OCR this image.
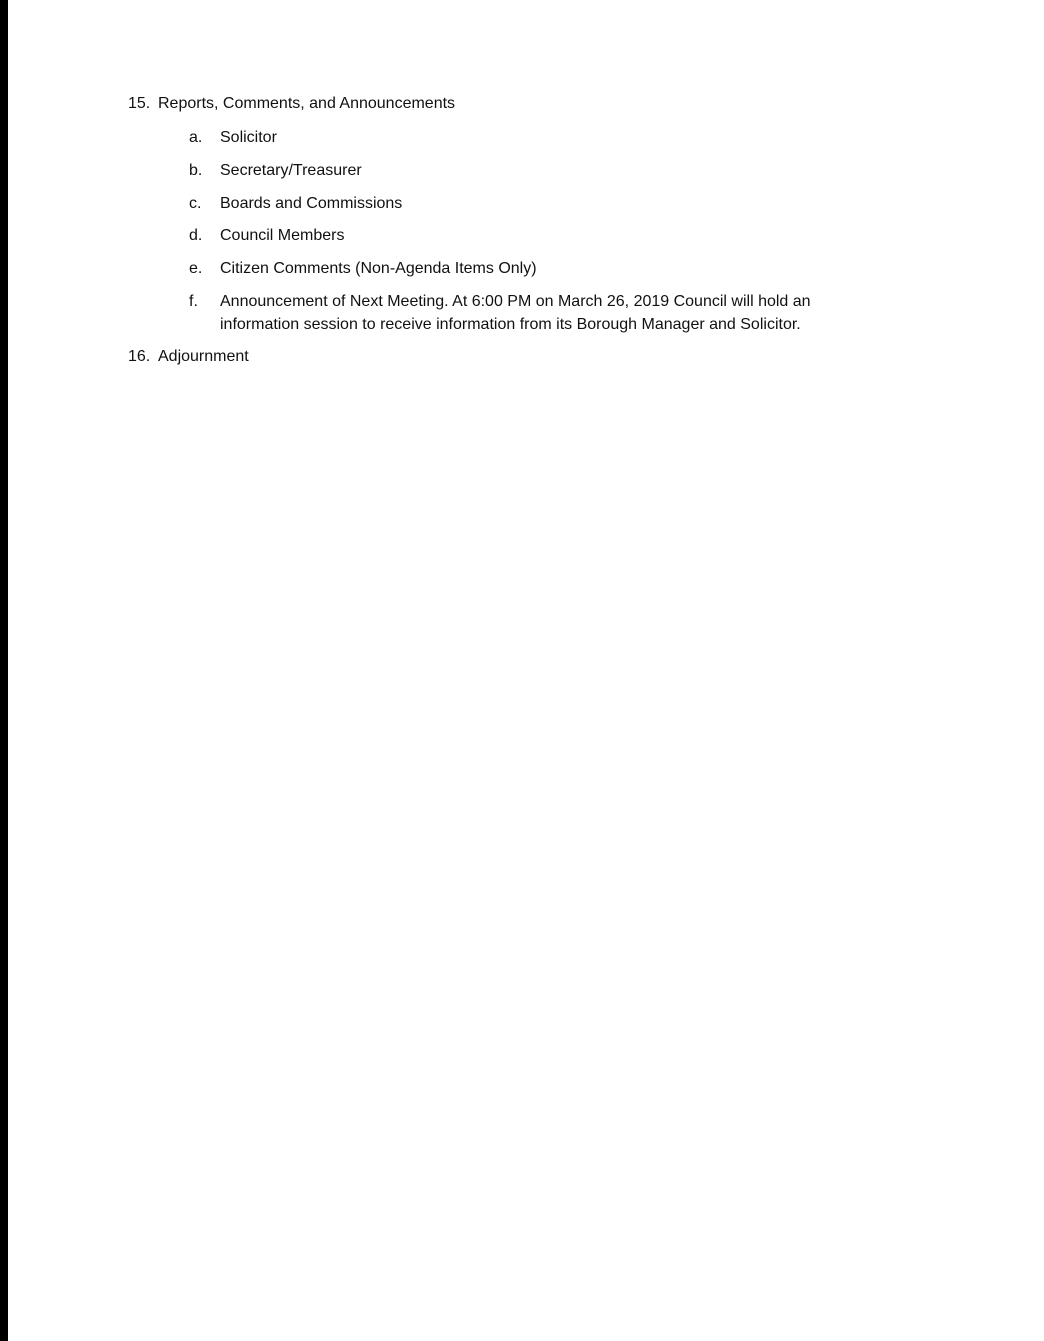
15. Reports, Comments, and Announcements
a. Solicitor
b. Secretary/Treasurer
c. Boards and Commissions
d. Council Members
e. Citizen Comments (Non-Agenda Items Only)
f. Announcement of Next Meeting. At 6:00 PM on March 26, 2019 Council will hold an information session to receive information from its Borough Manager and Solicitor.
16. Adjournment
